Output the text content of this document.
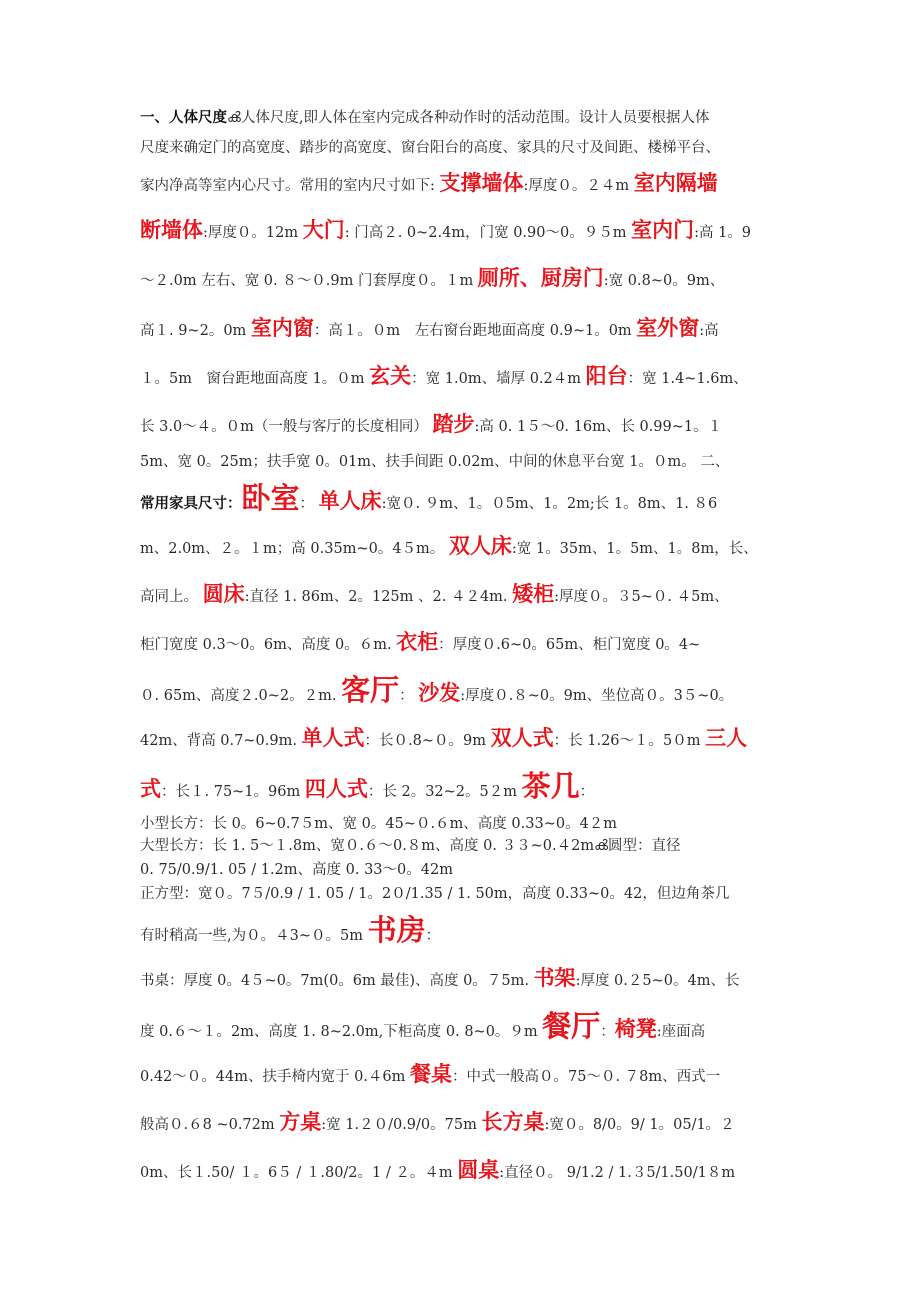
一、人体尺度ൿ人体尺度,即人体在室内完成各种动作时的活动范围。设计人员要根据人体
尺度来确定门的高宽度、踏步的高宽度、窗台阳台的高度、家具的尺寸及间距、楼梯平台、
家内净高等室内心尺寸。常用的室内尺寸如下: 支撑墙体:厚度０。２４m 室内隔墙
断墙体:厚度０。12m 大门: 门高２. 0~2.4m，门宽 0.90～0。９５m 室内门:高 1。9
～２.0m 左右、宽 0. ８～０.9m 门套厚度０。１m 厕所、厨房门:宽 0.8~0。9m、
高１. 9~2。0m 室内窗：高１。０m　左右窗台距地面高度 0.9~1。0m 室外窗:高
１。5m　窗台距地面高度 1。０m 玄关：宽 1.0m、墙厚 0.2４m 阳台：宽 1.4~1.6m、
长 3.0～４。０m（一般与客厅的长度相同） 踏步:高 0. 1５～0. 16m、长 0.99~1。１
5m、宽 0。25m；扶手宽 0。01m、扶手间距 0.02m、中间的休息平台宽 1。０m。 二、
常用家具尺寸：卧室： 单人床:宽０. ９m、1。０5m、1。2m;长 1。8m、1. ８6
m、2.0m、２。１m；高 0.35m~0。4５m。 双人床:宽 1。35m、1。5m、1。8m，长、
高同上。 圆床:直径 1. 86m、2。125m 、2. ４２4m. 矮柜:厚度０。３5~０. ４5m、
柜门宽度 0.3～0。6m、高度 0。６m. 衣柜：厚度０.6~0。65m、柜门宽度 0。4~
０. 65m、高度２.0~2。２m. 客厅： 沙发:厚度０.８~0。9m、坐位高０。3５~0。
42m、背高 0.7~0.9m. 单人式：长０.8~０。9m 双人式：长 1.26～１。5０m 三人
式：长１. 75~1。96m 四人式：长 2。32~2。5２m 茶几：
小型长方：长 0。6~0.7５m、宽 0。45~０.６m、高度 0.33~0。4２m
大型长方：长 1. 5～１.8m、宽０.６～0.８m、高度 0. ３３~0.４2mൿ圆型：直径
0. 75/0.9/1. 05 / 1.2m、高度 0. 33～0。42m
正方型：宽０。7５/0.9 / 1. 05 / 1。2０/1.35 / 1. 50m，高度 0.33~0。42，但边角茶几
有时稍高一些,为０。４3~０。5m 书房：
书桌：厚度 0。4５~0。7m(0。6m 最佳)、高度 0。７5m. 书架:厚度 0.２5~0。4m、长
度 0.６～１。2m、高度 1. 8~2.0m,下柜高度 0. 8~0。９m 餐厅：椅凳:座面高
0.42～０。44m、扶手椅内宽于 0.４6m 餐桌：中式一般高０。75～０. ７8m、西式一
般高０.６8 ~0.72m 方桌:宽 1.２０/0.9/0。75m 长方桌:宽０。8/0。9/ 1。05/1。２
0m、长１.50/ １。6５ / １.80/2。1 / ２。４m 圆桌:直径０。 9/1.2 / 1.３5/1.50/1８m
